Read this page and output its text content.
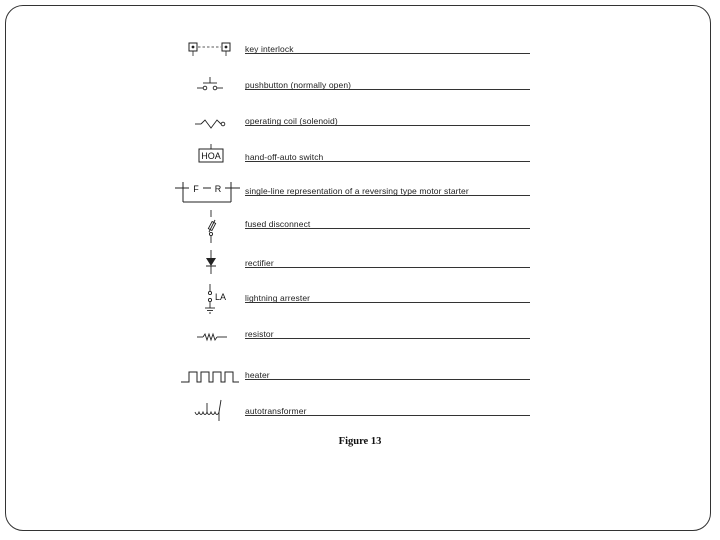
key interlock
pushbutton (normally open)
operating coil (solenoid)
HOA	hand-off-auto switch
F R	single-line representation of a reversing type motor starter
fused disconnect
rectifier
LA lightning arrester
resistor
heater
autotransformer
Figure 13
